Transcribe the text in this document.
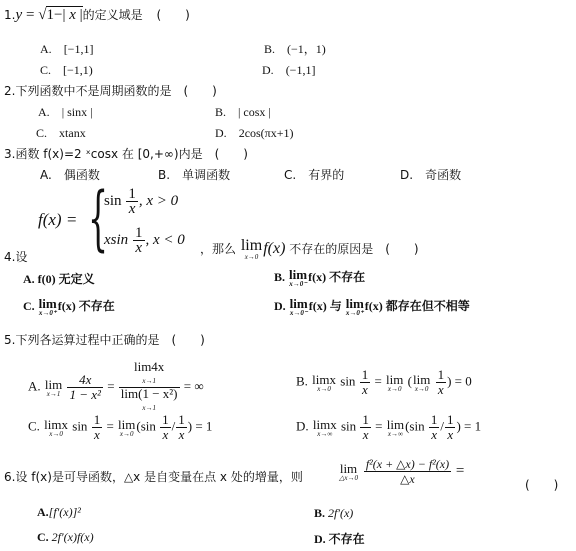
1.y = √1−| x |的定义域是 (　　)
A.　 [−1,1]	B.　 (−1，1)
C.　 [−1,1)	D.　 (−1,1]
2.下列函数中不是周期函数的是　(　　)
A.　 | sinx |	B.　 | cosx |
C.　 xtanx	D.　 2cos(πx+1)
3.函数 f(x)=2 ˣcosx 在 [0,+∞)内是　(　　)
A.　 偶函数	B.　 单调函数	C.　 有界的	D.　 奇函数
4.设
f(x) = {
$\sin \frac{1}{x}$ , x > 0
xsin $\frac{1}{x}$ , x < 0
，那么 lim
x→0 f(x) 不存在的原因是　(　　)
A. f(0) 无定义	B. lim
x→0⁻
f(x) 不存在
C. lim
x→0⁺
f(x) 不存在	D. lim
x→0⁻
f(x) 与 lim
x→0⁺
f(x) 都存在但不相等
5.下列各运算过程中正确的是　(　　)
A. lim
x→1
$\frac{4x}{\text{1 − x²}}$ =
lim4x
x→1
lim(1 − x²)
x→1
= ∞	B. limx
x→0
$\sin \frac{1}{x} = \lim$
x→0
( lim
x→0
$\frac{1}{x}$ ) = 0
C. limx
x→0
$\sin \frac{1}{x} = \lim$
x→0
($\sin \frac{1}{x} / \frac{1}{x}$ ) = 1	D. limx
x→∞
$\sin \frac{1}{x} = \lim$
x→∞
($\sin \frac{1}{x} / \frac{1}{x}$ ) = 1
6.设 f(x)是可导函数，△x 是自变量在点 x 处的增量，则
lim
△x→0
$\frac{\text{f²(x + △x) − f²(x)}}{\triangle x}$ =
(　　)
A.[f′(x)]²	B. 2f′(x)
C. 2f′(x)f(x)	D. 不存在
